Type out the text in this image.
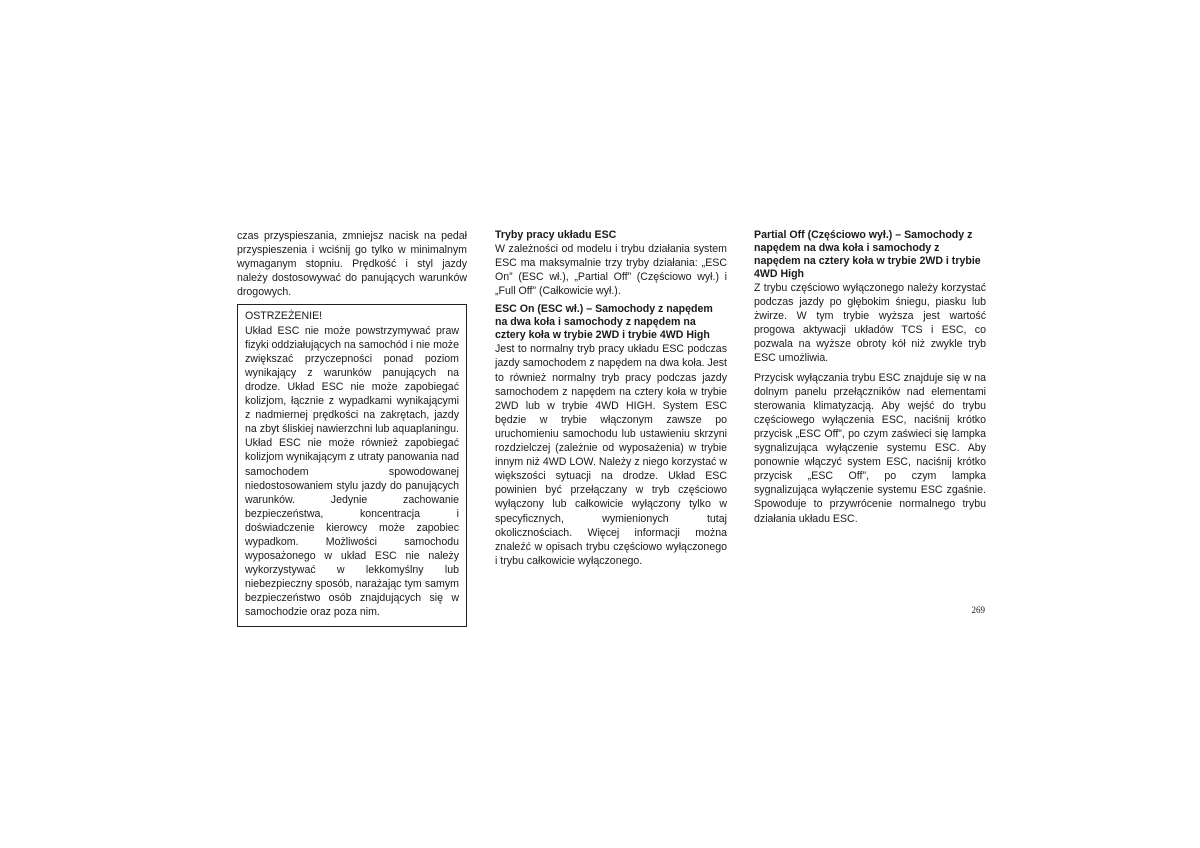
czas przyspieszania, zmniejsz nacisk na pedał przyspieszenia i wciśnij go tylko w minimalnym wymaganym stopniu. Prędkość i styl jazdy należy dostosowywać do panujących warunków drogowych.

OSTRZEŻENIE!

Układ ESC nie może powstrzymywać praw fizyki oddziałujących na samochód i nie może zwiększać przyczepności ponad poziom wynikający z warunków panujących na drodze. Układ ESC nie może zapobiegać kolizjom, łącznie z wypadkami wynikającymi z nadmiernej prędkości na zakrętach, jazdy na zbyt śliskiej nawierzchni lub aquaplaningu. Układ ESC nie może również zapobiegać kolizjom wynikającym z utraty panowania nad samochodem spowodowanej niedostosowaniem stylu jazdy do panujących warunków. Jedynie zachowanie bezpieczeństwa, koncentracja i doświadczenie kierowcy może zapobiec wypadkom. Możliwości samochodu wyposażonego w układ ESC nie należy wykorzystywać w lekkomyślny lub niebezpieczny sposób, narażając tym samym bezpieczeństwo osób znajdujących się w samochodzie oraz poza nim.

Tryby pracy układu ESC

W zależności od modelu i trybu działania system ESC ma maksymalnie trzy tryby działania: „ESC On” (ESC wł.), „Partial Off” (Częściowo wył.) i „Full Off” (Całkowicie wył.).

ESC On (ESC wł.) – Samochody z napędem na dwa koła i samochody z napędem na cztery koła w trybie 2WD i trybie 4WD High

Jest to normalny tryb pracy układu ESC podczas jazdy samochodem z napędem na dwa koła. Jest to również normalny tryb pracy podczas jazdy samochodem z napędem na cztery koła w trybie 2WD lub w trybie 4WD HIGH. System ESC będzie w trybie włączonym zawsze po uruchomieniu samochodu lub ustawieniu skrzyni rozdzielczej (zależnie od wyposażenia) w trybie innym niż 4WD LOW. Należy z niego korzystać w większości sytuacji na drodze. Układ ESC powinien być przełączany w tryb częściowo wyłączony lub całkowicie wyłączony tylko w specyficznych, wymienionych tutaj okolicznościach. Więcej informacji można znaleźć w opisach trybu częściowo wyłączonego i trybu całkowicie wyłączonego.

Partial Off (Częściowo wył.) – Samochody z napędem na dwa koła i samochody z napędem na cztery koła w trybie 2WD i trybie 4WD High

Z trybu częściowo wyłączonego należy korzystać podczas jazdy po głębokim śniegu, piasku lub żwirze. W tym trybie wyższa jest wartość progowa aktywacji układów TCS i ESC, co pozwala na wyższe obroty kół niż zwykle tryb ESC umożliwia.

Przycisk wyłączania trybu ESC znajduje się w na dolnym panelu przełączników nad elementami sterowania klimatyzacją. Aby wejść do trybu częściowego wyłączenia ESC, naciśnij krótko przycisk „ESC Off”, po czym zaświeci się lampka sygnalizująca wyłączenie systemu ESC. Aby ponownie włączyć system ESC, naciśnij krótko przycisk „ESC Off”, po czym lampka sygnalizująca wyłączenie systemu ESC zgaśnie. Spowoduje to przywrócenie normalnego trybu działania układu ESC.

269
